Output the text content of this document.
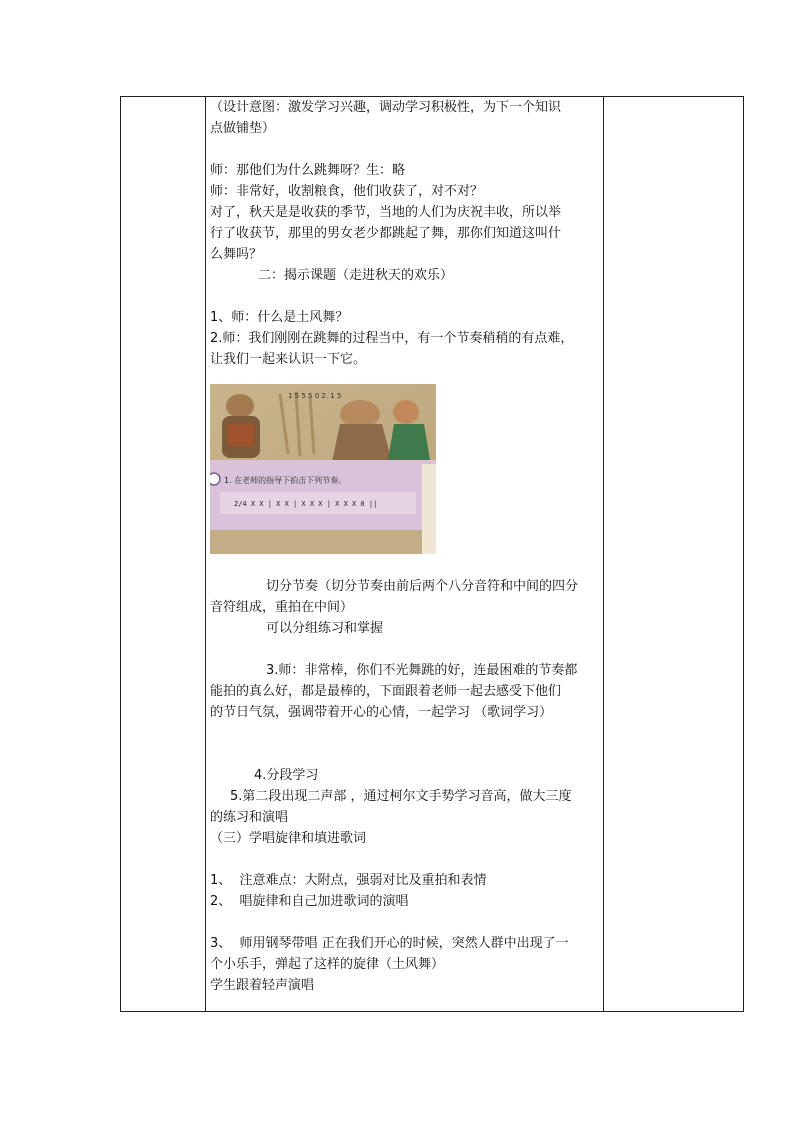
（设计意图：激发学习兴趣，调动学习积极性，为下一个知识

点做铺垫）

师：那他们为什么跳舞呀？生：略

师：非常好，收割粮食，他们收获了，对不对？

对了，秋天是是收获的季节，当地的人们为庆祝丰收，所以举

行了收获节，那里的男女老少都跳起了舞，那你们知道这叫什

么舞吗？

二：揭示课题（走进秋天的欢乐）

1、师：什么是土风舞？

2.师：我们刚刚在跳舞的过程当中，有一个节奏稍稍的有点难，

让我们一起来认识一下它。

1 5 5 5 0 2. 1 5
1. 在老师的指导下拍击下列节奏。
2/4 X X | X X | X X X | X X X 0 ||

切分节奏（切分节奏由前后两个八分音符和中间的四分

音符组成，重拍在中间）

可以分组练习和掌握

3.师：非常棒，你们不光舞跳的好，连最困难的节奏都

能拍的真么好，都是最棒的，下面跟着老师一起去感受下他们

的节日气氛，强调带着开心的心情，一起学习 （歌词学习）

4.分段学习

5.第二段出现二声部 ，通过柯尔文手势学习音高，做大三度

的练习和演唱

（三）学唱旋律和填进歌词

1、  注意难点：大附点，强弱对比及重拍和表情

2、  唱旋律和自己加进歌词的演唱

3、  师用钢琴带唱 正在我们开心的时候，突然人群中出现了一

个小乐手，弹起了这样的旋律（土风舞）

学生跟着轻声演唱
